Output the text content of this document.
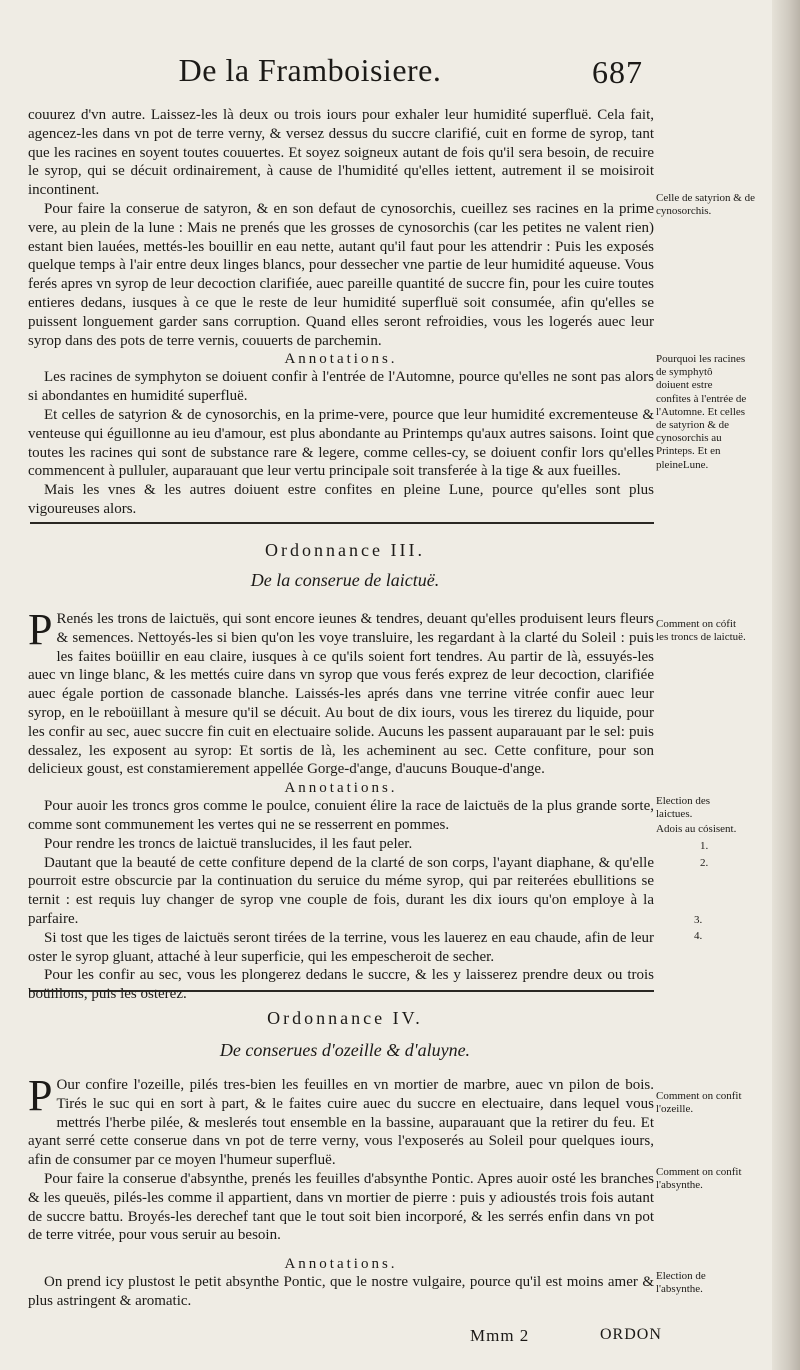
De la Framboisiere.	687

couurez d'vn autre. Laissez-les là deux ou trois iours pour exhaler leur humidité superfluë. Cela fait, agencez-les dans vn pot de terre verny, & versez dessus du succre clarifié, cuit en forme de syrop, tant que les racines en soyent toutes couuertes. Et soyez soigneux autant de fois qu'il sera besoin, de recuire le syrop, qui se décuit ordinairement, à cause de l'humidité qu'elles iettent, autrement il se moisiroit incontinent.

Pour faire la conserue de satyron, & en son defaut de cynosorchis, cueillez ses racines en la prime vere, au plein de la lune : Mais ne prenés que les grosses de cynosorchis (car les petites ne valent rien) estant bien lauées, mettés-les bouillir en eau nette, autant qu'il faut pour les attendrir : Puis les exposés quelque temps à l'air entre deux linges blancs, pour dessecher vne partie de leur humidité aqueuse. Vous ferés apres vn syrop de leur decoction clarifiée, auec pareille quantité de succre fin, pour les cuire toutes entieres dedans, iusques à ce que le reste de leur humidité superfluë soit consumée, afin qu'elles se puissent longuement garder sans corruption. Quand elles seront refroidies, vous les logerés auec leur syrop dans des pots de terre vernis, couuerts de parchemin.

Annotations.

Les racines de symphyton se doiuent confir à l'entrée de l'Automne, pource qu'elles ne sont pas alors si abondantes en humidité superfluë.

Et celles de satyrion & de cynosorchis, en la prime-vere, pource que leur humidité excrementeuse & venteuse qui éguillonne au ieu d'amour, est plus abondante au Printemps qu'aux autres saisons. Ioint que toutes les racines qui sont de substance rare & legere, comme celles-cy, se doiuent confir lors qu'elles commencent à pulluler, auparauant que leur vertu principale soit transferée à la tige & aux fueilles.

Mais les vnes & les autres doiuent estre confites en pleine Lune, pource qu'elles sont plus vigoureuses alors.

Celle de satyrion & de cynosorchis.
Pourquoi les racines de symphytô doiuent estre confites à l'entrée de l'Automne. Et celles de satyrion & de cynosorchis au Printeps. Et en pleineLune.
Ordonnance III.
De la conserue de laictuë.

P Renés les trons de laictuës, qui sont encore ieunes & tendres, deuant qu'elles produisent leurs fleurs & semences. Nettoyés-les si bien qu'on les voye transluire, les regardant à la clarté du Soleil : puis les faites boüillir en eau claire, iusques à ce qu'ils soient fort tendres. Au partir de là, essuyés-les auec vn linge blanc, & les mettés cuire dans vn syrop que vous ferés exprez de leur decoction, clarifiée auec égale portion de cassonade blanche. Laissés-les aprés dans vne terrine vitrée confir auec leur syrop, en le reboüillant à mesure qu'il se décuit. Au bout de dix iours, vous les tirerez du liquide, pour les confir au sec, auec succre fin cuit en electuaire solide. Aucuns les passent auparauant par le sel: puis dessalez, les exposent au syrop: Et sortis de là, les acheminent au sec. Cette confiture, pour son delicieux goust, est constamierement appellée Gorge-d'ange, d'aucuns Bouque-d'ange.

Annotations.

Pour auoir les troncs gros comme le poulce, conuient élire la race de laictuës de la plus grande sorte, comme sont communement les vertes qui ne se resserrent en pommes.

Pour rendre les troncs de laictuë translucides, il les faut peler.

Dautant que la beauté de cette confiture depend de la clarté de son corps, l'ayant diaphane, & qu'elle pourroit estre obscurcie par la continuation du seruice du méme syrop, qui par reiterées ebullitions se ternit : est requis luy changer de syrop vne couple de fois, durant les dix iours qu'on employe à la parfaire.

Si tost que les tiges de laictuës seront tirées de la terrine, vous les lauerez en eau chaude, afin de leur oster le syrop gluant, attaché à leur superficie, qui les empescheroit de secher.

Pour les confir au sec, vous les plongerez dedans le succre, & les y laisserez prendre deux ou trois boüillons, puis les osterez.

Comment on cófit les troncs de laictuë.
Election des laictues.
Adois au cósisent.
1.
2.
3.
4.
Ordonnance IV.
De conserues d'ozeille & d'aluyne.

P Our confire l'ozeille, pilés tres-bien les feuilles en vn mortier de marbre, auec vn pilon de bois. Tirés le suc qui en sort à part, & le faites cuire auec du succre en electuaire, dans lequel vous mettrés l'herbe pilée, & meslerés tout ensemble en la bassine, auparauant que la retirer du feu. Et ayant serré cette conserue dans vn pot de terre verny, vous l'exposerés au Soleil pour quelques iours, afin de consumer par ce moyen l'humeur superfluë.

Pour faire la conserue d'absynthe, prenés les feuilles d'absynthe Pontic. Apres auoir osté les branches & les queuës, pilés-les comme il appartient, dans vn mortier de pierre : puis y adioustés trois fois autant de succre battu. Broyés-les derechef tant que le tout soit bien incorporé, & les serrés enfin dans vn pot de terre vitrée, pour vous seruir au besoin.

Annotations.

On prend icy plustost le petit absynthe Pontic, que le nostre vulgaire, pource qu'il est moins amer & plus astringent & aromatic.

Comment on confit l'ozeille.
Comment on confit l'absynthe.
Election de l'absynthe.
Mmm 2	ORDON
